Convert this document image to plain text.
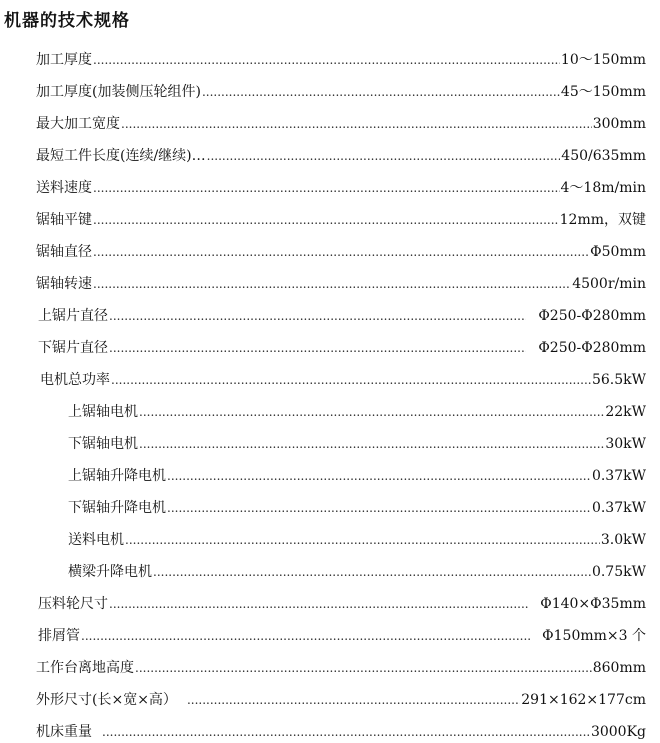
机器的技术规格
加工厚度 .....	10～150mm
加工厚度(加装侧压轮组件) .....	45～150mm
最大加工宽度 .....	300mm
最短工件长度(连续/继续)… .....	450/635mm
送料速度 .....	4～18m/min
锯轴平键 .....	12mm，双键
锯轴直径 .....	Φ50mm
锯轴转速 .....	4500r/min
上锯片直径 .....	Φ250-Φ280mm
下锯片直径 .....	Φ250-Φ280mm
电机总功率 .....	56.5kW
上锯轴电机 .....	22kW
下锯轴电机 .....	30kW
上锯轴升降电机 .....	0.37kW
下锯轴升降电机 .....	0.37kW
送料电机 .....	3.0kW
横梁升降电机 .....	0.75kW
压料轮尺寸 .....	Φ140×Φ35mm
排屑管 .....	Φ150mm×3 个
工作台离地高度 .....	860mm
外形尺寸(长×宽×高） .....	291×162×177cm
机床重量 .....	3000Kg
